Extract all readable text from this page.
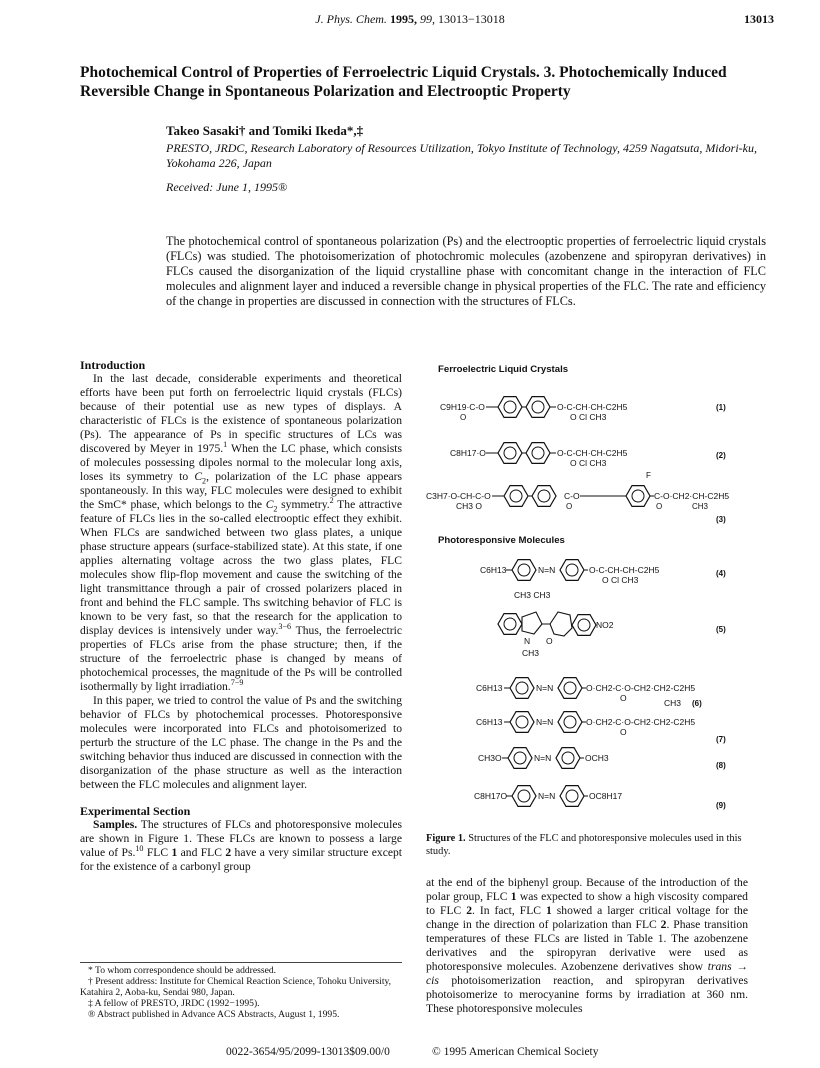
J. Phys. Chem. 1995, 99, 13013−13018	13013
Photochemical Control of Properties of Ferroelectric Liquid Crystals. 3. Photochemically Induced Reversible Change in Spontaneous Polarization and Electrooptic Property
Takeo Sasaki† and Tomiki Ikeda*,‡
PRESTO, JRDC, Research Laboratory of Resources Utilization, Tokyo Institute of Technology, 4259 Nagatsuta, Midori-ku, Yokohama 226, Japan
Received: June 1, 1995®
The photochemical control of spontaneous polarization (Ps) and the electrooptic properties of ferroelectric liquid crystals (FLCs) was studied. The photoisomerization of photochromic molecules (azobenzene and spiropyran derivatives) in FLCs caused the disorganization of the liquid crystalline phase with concomitant change in the interaction of FLC molecules and alignment layer and induced a reversible change in physical properties of the FLC. The rate and efficiency of the change in properties are discussed in connection with the structures of FLCs.

Introduction

In the last decade, considerable experiments and theoretical efforts have been put forth on ferroelectric liquid crystals (FLCs) because of their potential use as new types of displays. A characteristic of FLCs is the existence of spontaneous polarization (Ps). The appearance of Ps in specific structures of LCs was discovered by Meyer in 1975.$^1$ When the LC phase, which consists of molecules possessing dipoles normal to the molecular long axis, loses its symmetry to $C_2$, polarization of the LC phase appears spontaneously. In this way, FLC molecules were designed to exhibit the SmC* phase, which belongs to the $C_2$ symmetry.$^2$ The attractive feature of FLCs lies in the so-called electrooptic effect they exhibit. When FLCs are sandwiched between two glass plates, a unique phase structure appears (surface-stabilized state). At this state, if one applies alternating voltage across the two glass plates, FLC molecules show flip-flop movement and cause the switching of the light transmittance through a pair of crossed polarizers placed in front and behind the FLC sample. Ths switching behavior of FLC is known to be very fast, so that the research for the application to display devices is intensively under way.$^{3-6}$ Thus, the ferroelectric properties of FLCs arise from the phase structure; then, if the structure of the ferroelectric phase is changed by means of photochemical processes, the magnitude of the Ps will be controlled isothermally by light irradiation.$^{7-9}$

In this paper, we tried to control the value of Ps and the switching behavior of FLCs by photochemical processes. Photoresponsive molecules were incorporated into FLCs and photoisomerized to perturb the structure of the LC phase. The change in the Ps and the switching behavior thus induced are discussed in connection with the disorganization of the phase structure as well as the interaction between the FLC molecules and alignment layer.

Experimental Section

Samples. The structures of FLCs and photoresponsive molecules are shown in Figure 1. These FLCs are known to possess a large value of Ps.$^{10}$ FLC 1 and FLC 2 have a very similar structure except for the existence of a carbonyl group

* To whom correspondence should be addressed.
† Present address: Institute for Chemical Reaction Science, Tohoku University, Katahira 2, Aoba-ku, Sendai 980, Japan.
‡ A fellow of PRESTO, JRDC (1992−1995).
® Abstract published in Advance ACS Abstracts, August 1, 1995.
Ferroelectric Liquid Crystals
Photoresponsive Molecules
C9H19·C-O	O-C-CH·CH-C2H5
O	O Cl CH3
(1)
C8H17·O	O-C-CH·CH-C2H5
O Cl CH3
(2)
F
C3H7·O-CH-C-O	C-O	C-O·CH2·CH-C2H5
CH3 O	O	O	CH3
(3)
C6H13	N=N	O-C-CH-CH-C2H5
O Cl CH3
(4)
CH3 CH3
N O
NO2
CH3
(5)
C6H13	N=N	O·CH2-C·O-CH2·CH2-C2H5
O	CH3 (6)
C6H13	N=N	O·CH2-C·O-CH2·CH2-C2H5
O
(7)
CH3O	N=N	OCH3
(8)
C8H17O	N=N	OC8H17
(9)
Figure 1. Structures of the FLC and photoresponsive molecules used in this study.

at the end of the biphenyl group. Because of the introduction of the polar group, FLC 1 was expected to show a high viscosity compared to FLC 2. In fact, FLC 1 showed a larger critical voltage for the change in the direction of polarization than FLC 2. Phase transition temperatures of these FLCs are listed in Table 1. The azobenzene derivatives and the spiropyran derivative were used as photoresponsive molecules. Azobenzene derivatives show trans → cis photoisomerization reaction, and spiropyran derivatives photoisomerize to merocyanine forms by irradiation at 360 nm. These photoresponsive molecules

0022-3654/95/2099-13013$09.00/0	© 1995 American Chemical Society
